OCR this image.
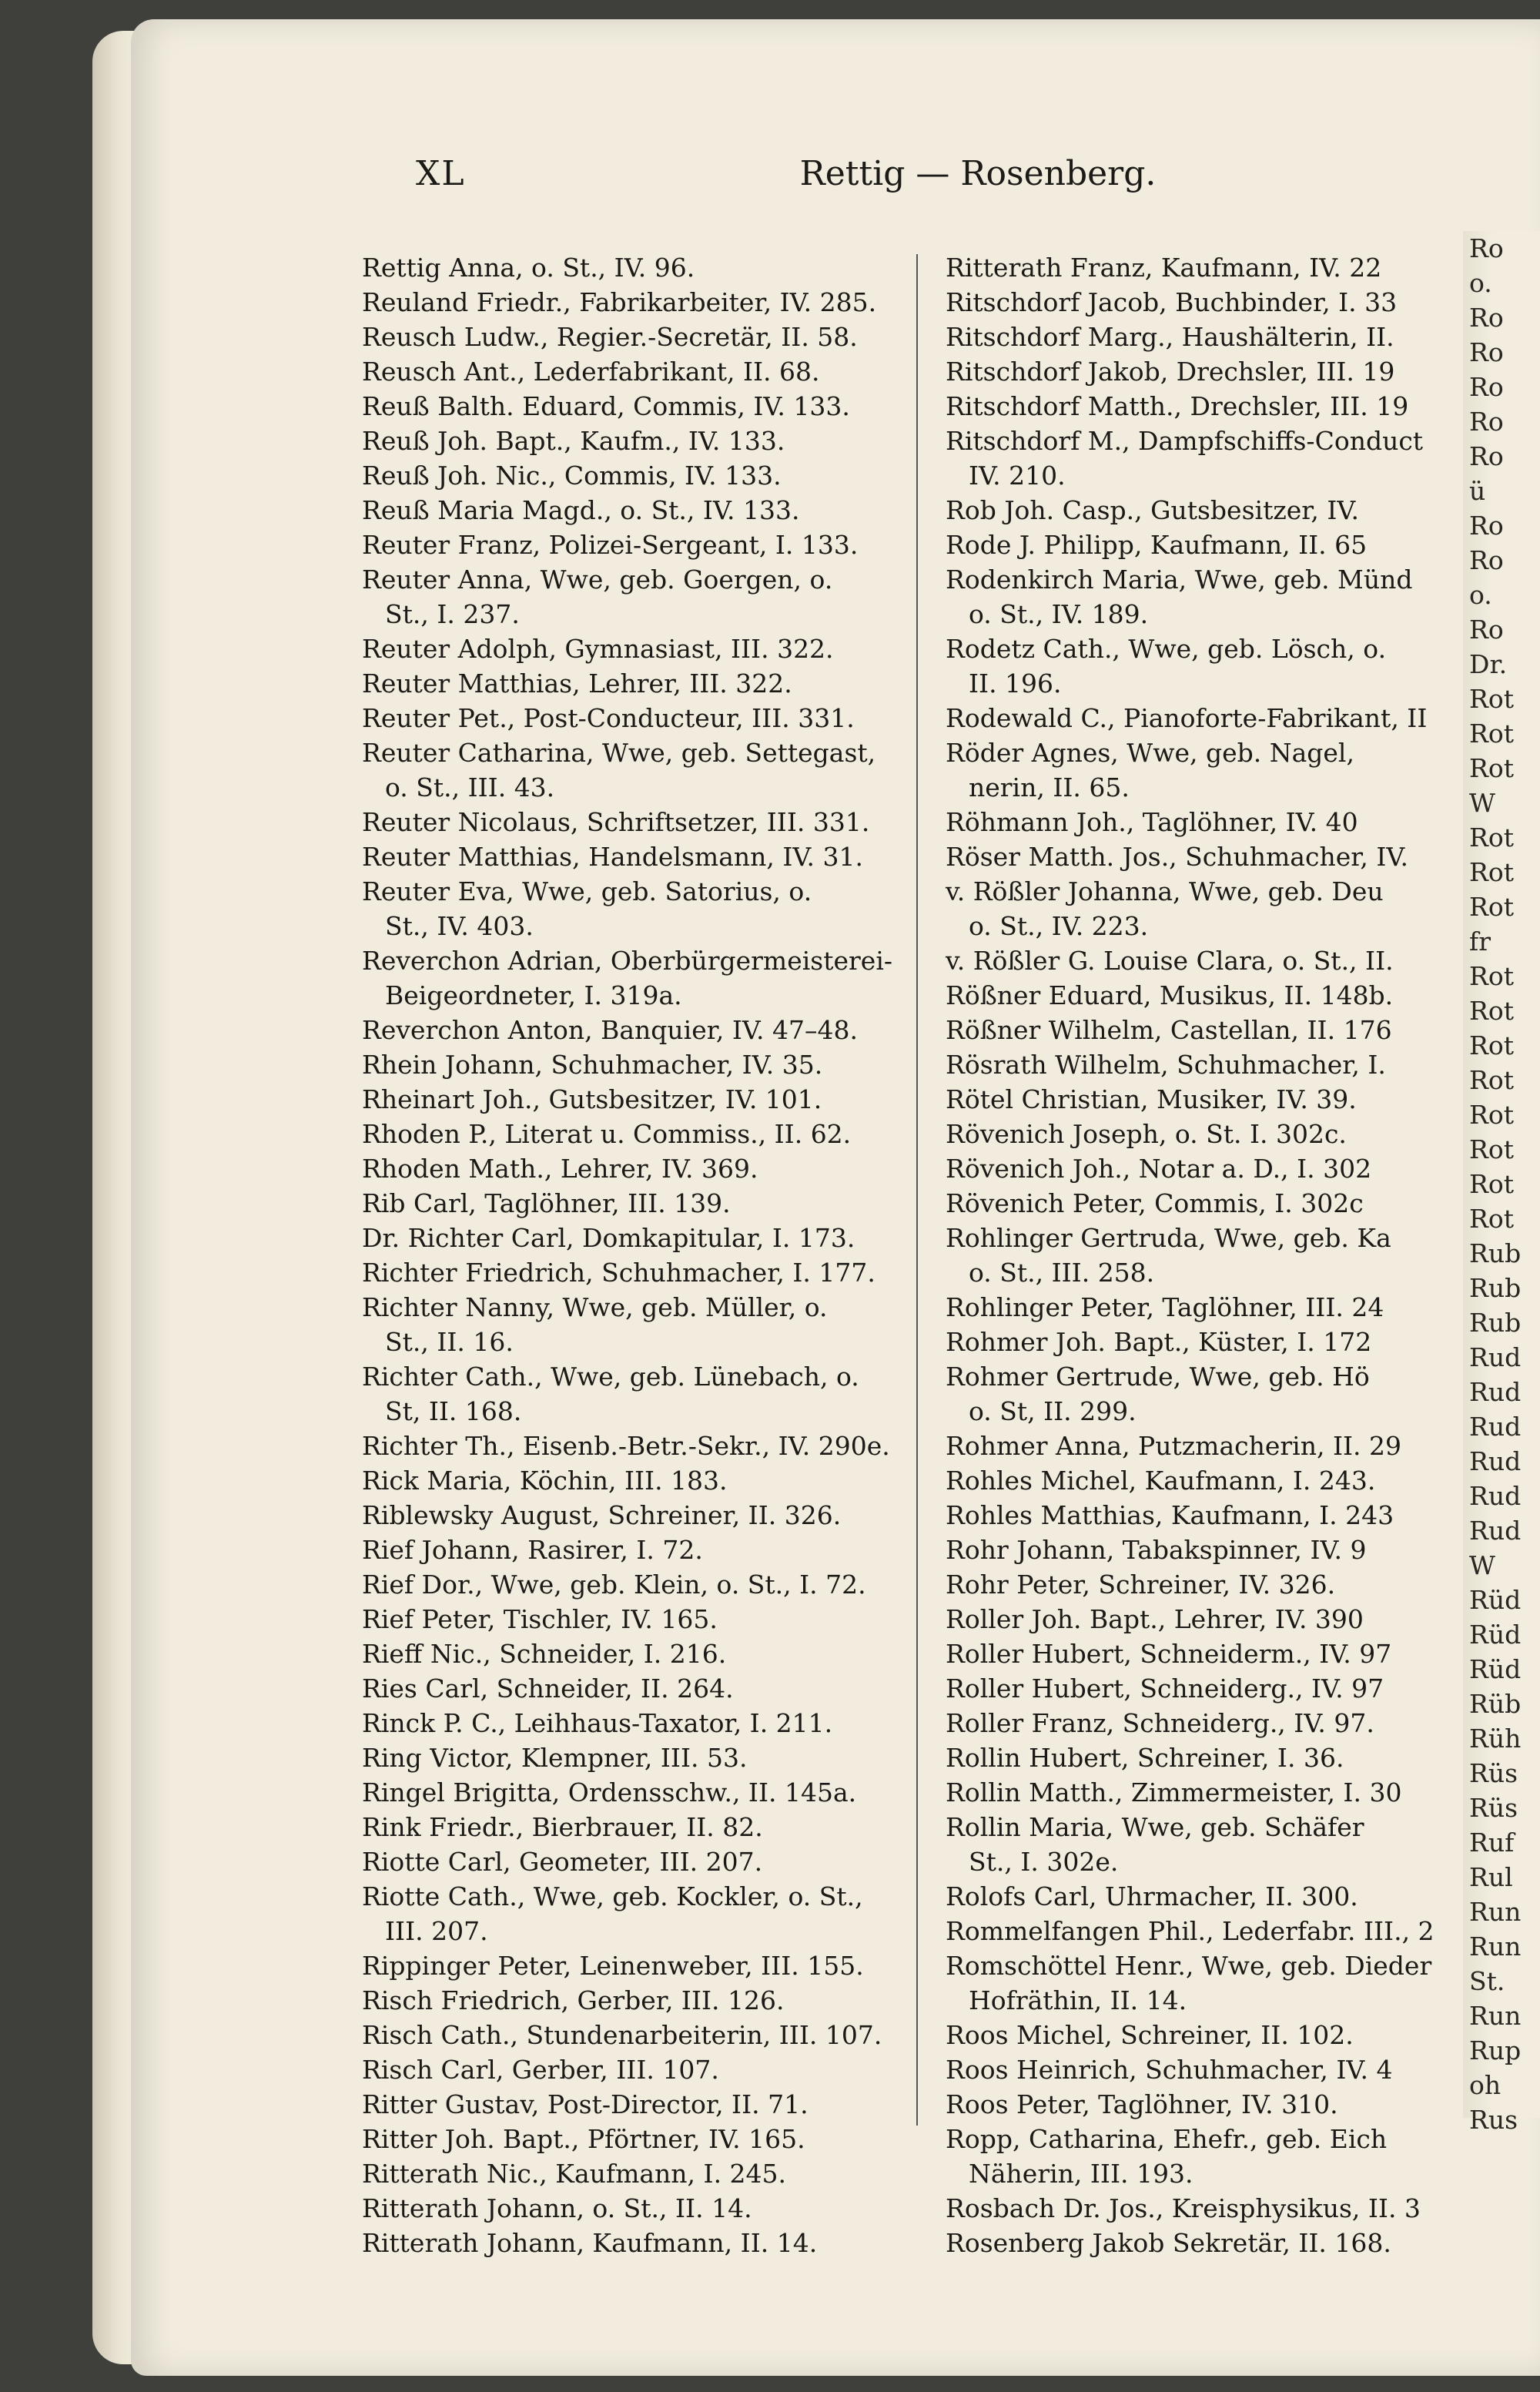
XL	Rettig — Rosenberg.
Rettig Anna, o. St., IV. 96.
Reuland Friedr., Fabrikarbeiter, IV. 285.
Reusch Ludw., Regier.-Secretär, II. 58.
Reusch Ant., Lederfabrikant, II. 68.
Reuß Balth. Eduard, Commis, IV. 133.
Reuß Joh. Bapt., Kaufm., IV. 133.
Reuß Joh. Nic., Commis, IV. 133.
Reuß Maria Magd., o. St., IV. 133.
Reuter Franz, Polizei-Sergeant, I. 133.
Reuter Anna, Wwe, geb. Goergen, o.
St., I. 237.
Reuter Adolph, Gymnasiast, III. 322.
Reuter Matthias, Lehrer, III. 322.
Reuter Pet., Post-Conducteur, III. 331.
Reuter Catharina, Wwe, geb. Settegast,
o. St., III. 43.
Reuter Nicolaus, Schriftsetzer, III. 331.
Reuter Matthias, Handelsmann, IV. 31.
Reuter Eva, Wwe, geb. Satorius, o.
St., IV. 403.
Reverchon Adrian, Oberbürgermeisterei-
Beigeordneter, I. 319a.
Reverchon Anton, Banquier, IV. 47–48.
Rhein Johann, Schuhmacher, IV. 35.
Rheinart Joh., Gutsbesitzer, IV. 101.
Rhoden P., Literat u. Commiss., II. 62.
Rhoden Math., Lehrer, IV. 369.
Rib Carl, Taglöhner, III. 139.
Dr. Richter Carl, Domkapitular, I. 173.
Richter Friedrich, Schuhmacher, I. 177.
Richter Nanny, Wwe, geb. Müller, o.
St., II. 16.
Richter Cath., Wwe, geb. Lünebach, o.
St, II. 168.
Richter Th., Eisenb.-Betr.-Sekr., IV. 290e.
Rick Maria, Köchin, III. 183.
Riblewsky August, Schreiner, II. 326.
Rief Johann, Rasirer, I. 72.
Rief Dor., Wwe, geb. Klein, o. St., I. 72.
Rief Peter, Tischler, IV. 165.
Rieff Nic., Schneider, I. 216.
Ries Carl, Schneider, II. 264.
Rinck P. C., Leihhaus-Taxator, I. 211.
Ring Victor, Klempner, III. 53.
Ringel Brigitta, Ordensschw., II. 145a.
Rink Friedr., Bierbrauer, II. 82.
Riotte Carl, Geometer, III. 207.
Riotte Cath., Wwe, geb. Kockler, o. St.,
III. 207.
Rippinger Peter, Leinenweber, III. 155.
Risch Friedrich, Gerber, III. 126.
Risch Cath., Stundenarbeiterin, III. 107.
Risch Carl, Gerber, III. 107.
Ritter Gustav, Post-Director, II. 71.
Ritter Joh. Bapt., Pförtner, IV. 165.
Ritterath Nic., Kaufmann, I. 245.
Ritterath Johann, o. St., II. 14.
Ritterath Johann, Kaufmann, II. 14.
Ritterath Franz, Kaufmann, IV. 22
Ritschdorf Jacob, Buchbinder, I. 33
Ritschdorf Marg., Haushälterin, II.
Ritschdorf Jakob, Drechsler, III. 19
Ritschdorf Matth., Drechsler, III. 19
Ritschdorf M., Dampfschiffs-Conduct
IV. 210.
Rob Joh. Casp., Gutsbesitzer, IV.
Rode J. Philipp, Kaufmann, II. 65
Rodenkirch Maria, Wwe, geb. Münd
o. St., IV. 189.
Rodetz Cath., Wwe, geb. Lösch, o.
II. 196.
Rodewald C., Pianoforte-Fabrikant, II
Röder Agnes, Wwe, geb. Nagel,
nerin, II. 65.
Röhmann Joh., Taglöhner, IV. 40
Röser Matth. Jos., Schuhmacher, IV.
v. Rößler Johanna, Wwe, geb. Deu
o. St., IV. 223.
v. Rößler G. Louise Clara, o. St., II.
Rößner Eduard, Musikus, II. 148b.
Rößner Wilhelm, Castellan, II. 176
Rösrath Wilhelm, Schuhmacher, I.
Rötel Christian, Musiker, IV. 39.
Rövenich Joseph, o. St. I. 302c.
Rövenich Joh., Notar a. D., I. 302
Rövenich Peter, Commis, I. 302c
Rohlinger Gertruda, Wwe, geb. Ka
o. St., III. 258.
Rohlinger Peter, Taglöhner, III. 24
Rohmer Joh. Bapt., Küster, I. 172
Rohmer Gertrude, Wwe, geb. Hö
o. St, II. 299.
Rohmer Anna, Putzmacherin, II. 29
Rohles Michel, Kaufmann, I. 243.
Rohles Matthias, Kaufmann, I. 243
Rohr Johann, Tabakspinner, IV. 9
Rohr Peter, Schreiner, IV. 326.
Roller Joh. Bapt., Lehrer, IV. 390
Roller Hubert, Schneiderm., IV. 97
Roller Hubert, Schneiderg., IV. 97
Roller Franz, Schneiderg., IV. 97.
Rollin Hubert, Schreiner, I. 36.
Rollin Matth., Zimmermeister, I. 30
Rollin Maria, Wwe, geb. Schäfer
St., I. 302e.
Rolofs Carl, Uhrmacher, II. 300.
Rommelfangen Phil., Lederfabr. III., 2
Romschöttel Henr., Wwe, geb. Dieder
Hofräthin, II. 14.
Roos Michel, Schreiner, II. 102.
Roos Heinrich, Schuhmacher, IV. 4
Roos Peter, Taglöhner, IV. 310.
Ropp, Catharina, Ehefr., geb. Eich
Näherin, III. 193.
Rosbach Dr. Jos., Kreisphysikus, II. 3
Rosenberg Jakob Sekretär, II. 168.
Ro
o.
Ro
Ro
Ro
Ro
Ro
ü
Ro
Ro
o.
Ro
Dr.
Rot
Rot
Rot
W
Rot
Rot
Rot
fr
Rot
Rot
Rot
Rot
Rot
Rot
Rot
Rot
Rub
Rub
Rub
Rud
Rud
Rud
Rud
Rud
Rud
W
Rüd
Rüd
Rüd
Rüb
Rüh
Rüs
Rüs
Ruf
Rul
Run
Run
St.
Run
Rup
oh
Rus
